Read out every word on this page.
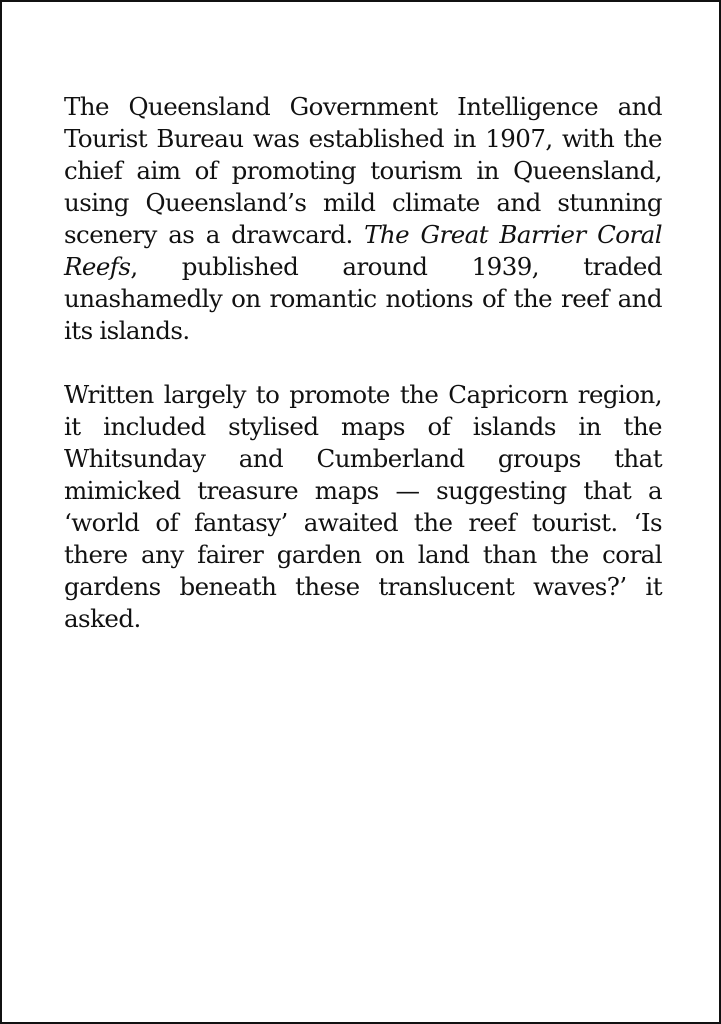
The Queensland Government Intelligence and Tourist Bureau was established in 1907, with the chief aim of promoting tourism in Queensland, using Queensland’s mild climate and stunning scenery as a drawcard. The Great Barrier Coral Reefs, published around 1939, traded unashamedly on romantic notions of the reef and its islands.

Written largely to promote the Capricorn region, it included stylised maps of islands in the Whitsunday and Cumberland groups that mimicked treasure maps — suggesting that a ‘world of fantasy’ awaited the reef tourist. ‘Is there any fairer garden on land than the coral gardens beneath these translucent waves?’ it asked.
